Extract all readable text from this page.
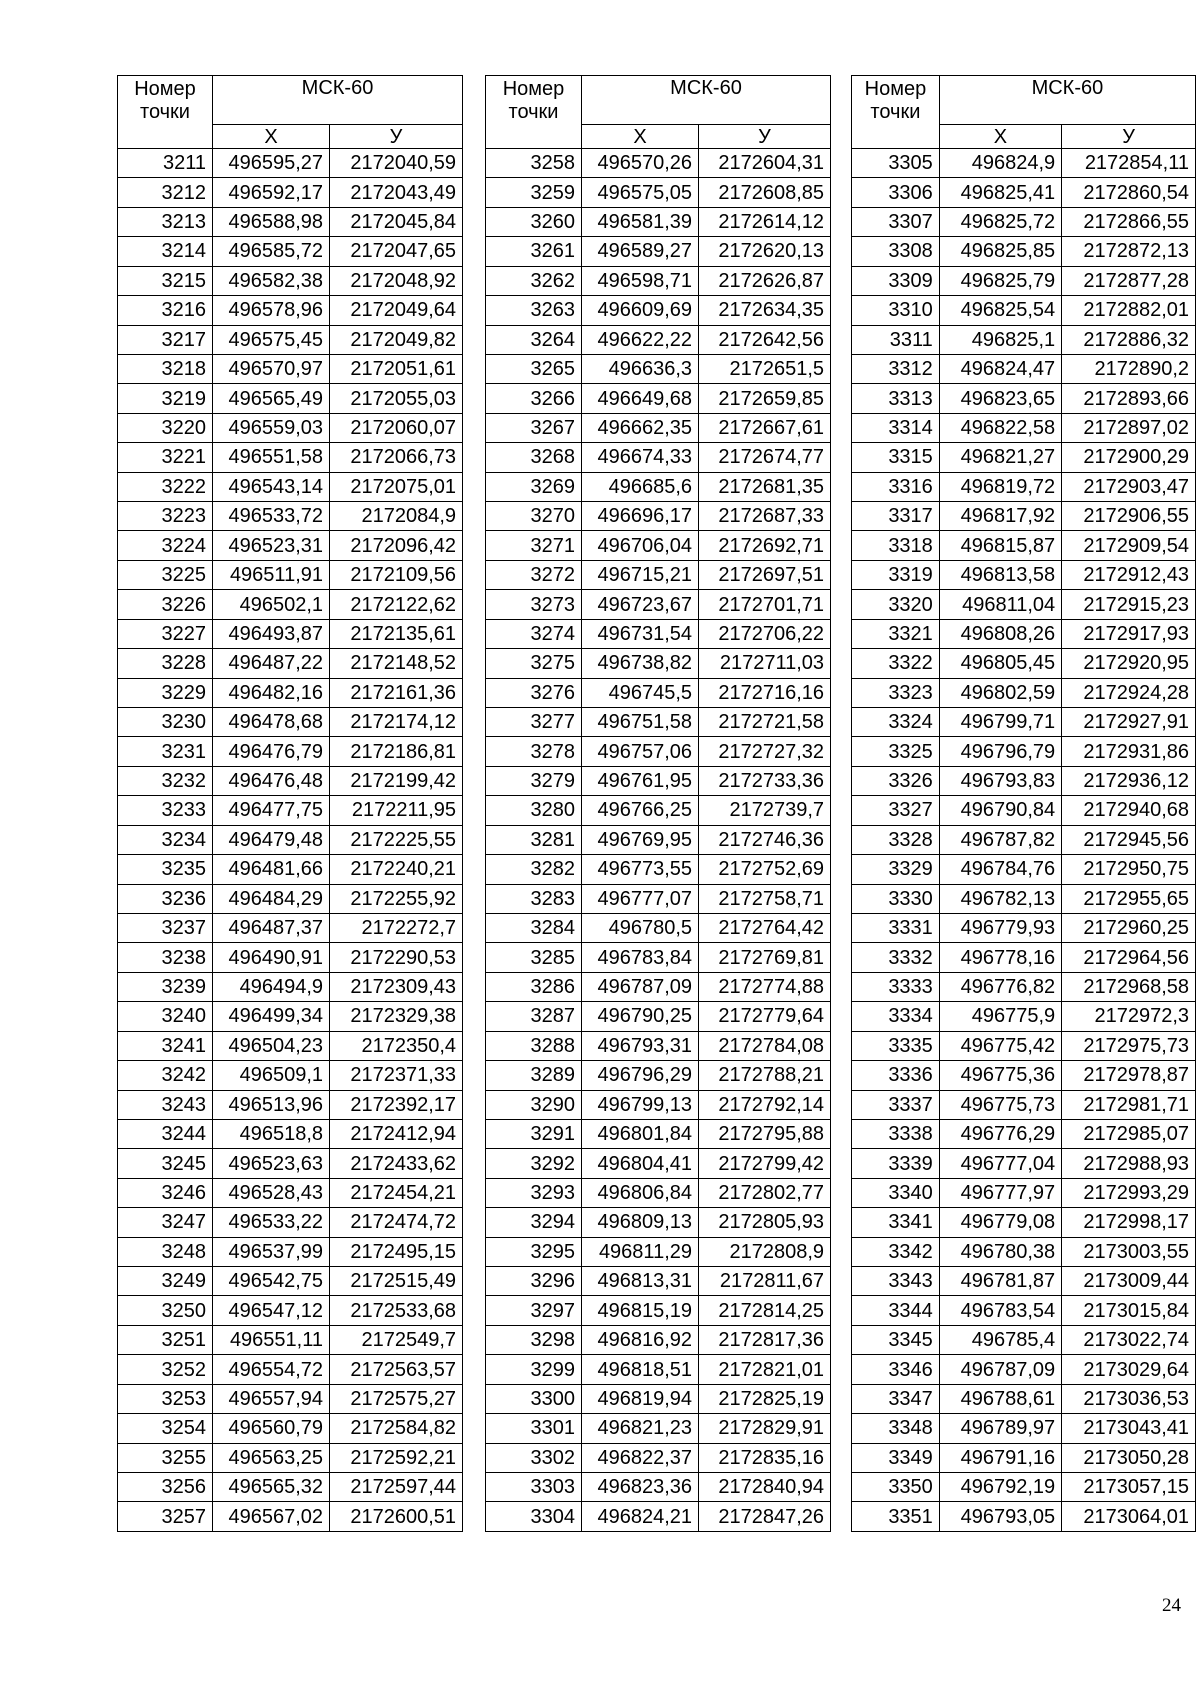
Номер точки	МСК-60	
	X	У
3211	496595,27	2172040,59
3212	496592,17	2172043,49
3213	496588,98	2172045,84
3214	496585,72	2172047,65
3215	496582,38	2172048,92
3216	496578,96	2172049,64
3217	496575,45	2172049,82
3218	496570,97	2172051,61
3219	496565,49	2172055,03
3220	496559,03	2172060,07
3221	496551,58	2172066,73
3222	496543,14	2172075,01
3223	496533,72	2172084,9
3224	496523,31	2172096,42
3225	496511,91	2172109,56
3226	496502,1	2172122,62
3227	496493,87	2172135,61
3228	496487,22	2172148,52
3229	496482,16	2172161,36
3230	496478,68	2172174,12
3231	496476,79	2172186,81
3232	496476,48	2172199,42
3233	496477,75	2172211,95
3234	496479,48	2172225,55
3235	496481,66	2172240,21
3236	496484,29	2172255,92
3237	496487,37	2172272,7
3238	496490,91	2172290,53
3239	496494,9	2172309,43
3240	496499,34	2172329,38
3241	496504,23	2172350,4
3242	496509,1	2172371,33
3243	496513,96	2172392,17
3244	496518,8	2172412,94
3245	496523,63	2172433,62
3246	496528,43	2172454,21
3247	496533,22	2172474,72
3248	496537,99	2172495,15
3249	496542,75	2172515,49
3250	496547,12	2172533,68
3251	496551,11	2172549,7
3252	496554,72	2172563,57
3253	496557,94	2172575,27
3254	496560,79	2172584,82
3255	496563,25	2172592,21
3256	496565,32	2172597,44
3257	496567,02	2172600,51
Номер точки	МСК-60	
	X	У
3258	496570,26	2172604,31
3259	496575,05	2172608,85
3260	496581,39	2172614,12
3261	496589,27	2172620,13
3262	496598,71	2172626,87
3263	496609,69	2172634,35
3264	496622,22	2172642,56
3265	496636,3	2172651,5
3266	496649,68	2172659,85
3267	496662,35	2172667,61
3268	496674,33	2172674,77
3269	496685,6	2172681,35
3270	496696,17	2172687,33
3271	496706,04	2172692,71
3272	496715,21	2172697,51
3273	496723,67	2172701,71
3274	496731,54	2172706,22
3275	496738,82	2172711,03
3276	496745,5	2172716,16
3277	496751,58	2172721,58
3278	496757,06	2172727,32
3279	496761,95	2172733,36
3280	496766,25	2172739,7
3281	496769,95	2172746,36
3282	496773,55	2172752,69
3283	496777,07	2172758,71
3284	496780,5	2172764,42
3285	496783,84	2172769,81
3286	496787,09	2172774,88
3287	496790,25	2172779,64
3288	496793,31	2172784,08
3289	496796,29	2172788,21
3290	496799,13	2172792,14
3291	496801,84	2172795,88
3292	496804,41	2172799,42
3293	496806,84	2172802,77
3294	496809,13	2172805,93
3295	496811,29	2172808,9
3296	496813,31	2172811,67
3297	496815,19	2172814,25
3298	496816,92	2172817,36
3299	496818,51	2172821,01
3300	496819,94	2172825,19
3301	496821,23	2172829,91
3302	496822,37	2172835,16
3303	496823,36	2172840,94
3304	496824,21	2172847,26
Номер точки	МСК-60	
	X	У
3305	496824,9	2172854,11
3306	496825,41	2172860,54
3307	496825,72	2172866,55
3308	496825,85	2172872,13
3309	496825,79	2172877,28
3310	496825,54	2172882,01
3311	496825,1	2172886,32
3312	496824,47	2172890,2
3313	496823,65	2172893,66
3314	496822,58	2172897,02
3315	496821,27	2172900,29
3316	496819,72	2172903,47
3317	496817,92	2172906,55
3318	496815,87	2172909,54
3319	496813,58	2172912,43
3320	496811,04	2172915,23
3321	496808,26	2172917,93
3322	496805,45	2172920,95
3323	496802,59	2172924,28
3324	496799,71	2172927,91
3325	496796,79	2172931,86
3326	496793,83	2172936,12
3327	496790,84	2172940,68
3328	496787,82	2172945,56
3329	496784,76	2172950,75
3330	496782,13	2172955,65
3331	496779,93	2172960,25
3332	496778,16	2172964,56
3333	496776,82	2172968,58
3334	496775,9	2172972,3
3335	496775,42	2172975,73
3336	496775,36	2172978,87
3337	496775,73	2172981,71
3338	496776,29	2172985,07
3339	496777,04	2172988,93
3340	496777,97	2172993,29
3341	496779,08	2172998,17
3342	496780,38	2173003,55
3343	496781,87	2173009,44
3344	496783,54	2173015,84
3345	496785,4	2173022,74
3346	496787,09	2173029,64
3347	496788,61	2173036,53
3348	496789,97	2173043,41
3349	496791,16	2173050,28
3350	496792,19	2173057,15
3351	496793,05	2173064,01
24
